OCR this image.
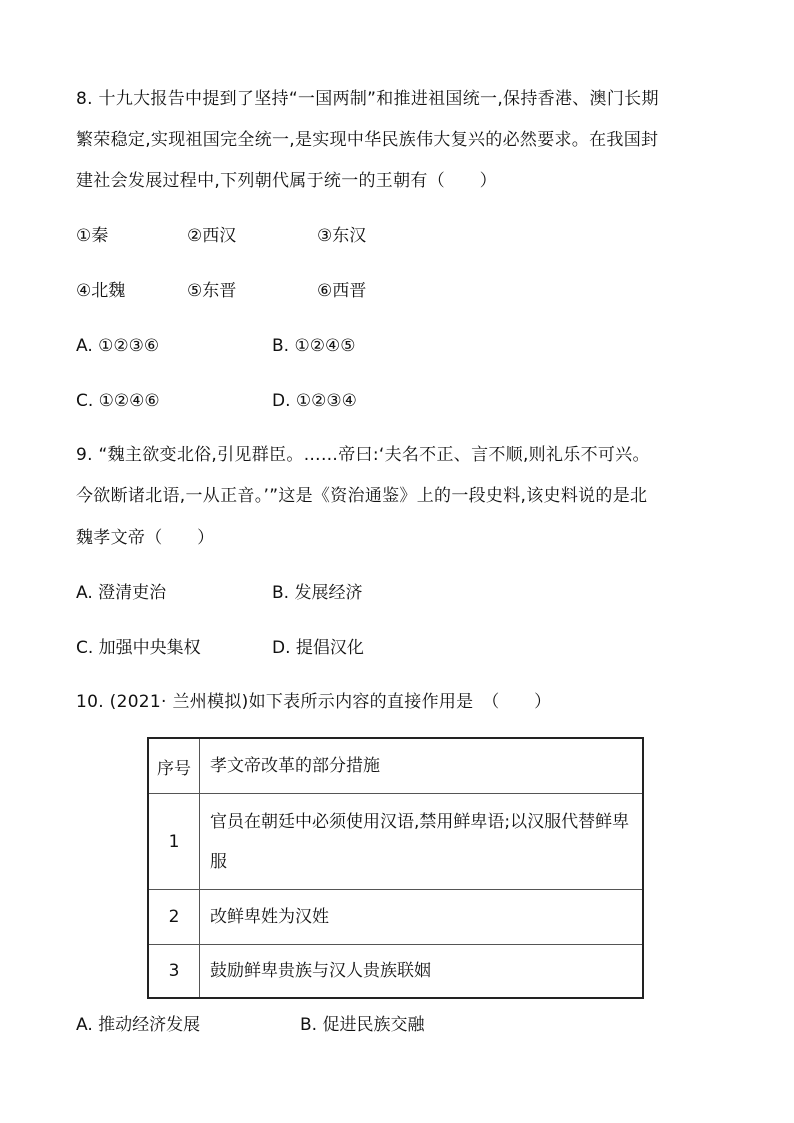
8. 十九大报告中提到了坚持“一国两制”和推进祖国统一,保持香港、澳门长期
繁荣稳定,实现祖国完全统一,是实现中华民族伟大复兴的必然要求。在我国封
建社会发展过程中,下列朝代属于统一的王朝有（　　）
①秦	②西汉	③东汉
④北魏	⑤东晋	⑥西晋
A. ①②③⑥	B. ①②④⑤
C. ①②④⑥	D. ①②③④
9. “魏主欲变北俗,引见群臣。……帝曰:‘夫名不正、言不顺,则礼乐不可兴。
今欲断诸北语,一从正音。’”这是《资治通鉴》上的一段史料,该史料说的是北
魏孝文帝（　　）
A. 澄清吏治	B. 发展经济
C. 加强中央集权	D. 提倡汉化
10. (2021· 兰州模拟)如下表所示内容的直接作用是　（　　）
序号	孝文帝改革的部分措施
1	官员在朝廷中必须使用汉语,禁用鲜卑语;以汉服代替鲜卑服
2	改鲜卑姓为汉姓
3	鼓励鲜卑贵族与汉人贵族联姻
A. 推动经济发展	B. 促进民族交融
